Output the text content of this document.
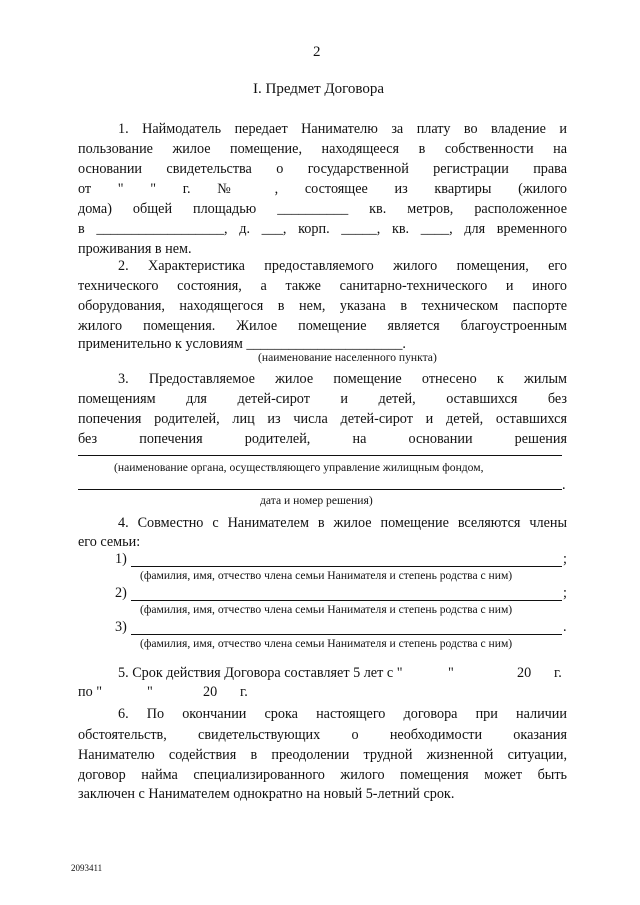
2
I. Предмет Договора
1. Наймодатель передает Нанимателю за плату во владение и
пользование жилое помещение, находящееся в собственности на
основании свидетельства о государственной регистрации права
от " " г. № , состоящее из квартиры (жилого
дома) общей площадью __________ кв. метров, расположенное
в __________________, д. ___, корп. _____, кв. ____, для временного
проживания в нем.
2. Характеристика предоставляемого жилого помещения, его
технического состояния, а также санитарно-технического и иного
оборудования, находящегося в нем, указана в техническом паспорте
жилого помещения. Жилое помещение является благоустроенным
применительно к условиям ______________________.
(наименование населенного пункта)
3. Предоставляемое жилое помещение отнесено к жилым
помещениям для детей-сирот и детей, оставшихся без
попечения родителей, лиц из числа детей-сирот и детей, оставшихся
без попечения родителей, на основании решения
(наименование органа, осуществляющего управление жилищным фондом,
.
дата и номер решения)
4. Совместно с Нанимателем в жилое помещение вселяются члены
его семьи:
1)	;
(фамилия, имя, отчество члена семьи Нанимателя и степень родства с ним)
2)	;
(фамилия, имя, отчество члена семьи Нанимателя и степень родства с ним)
3)	.
(фамилия, имя, отчество члена семьи Нанимателя и степень родства с ним)
5. Срок действия Договора составляет 5 лет с "	"	20 г.
по "	"	20 г.
6. По окончании срока настоящего договора при наличии
обстоятельств, свидетельствующих о необходимости оказания
Нанимателю содействия в преодолении трудной жизненной ситуации,
договор найма специализированного жилого помещения может быть
заключен с Нанимателем однократно на новый 5-летний срок.
2093411
